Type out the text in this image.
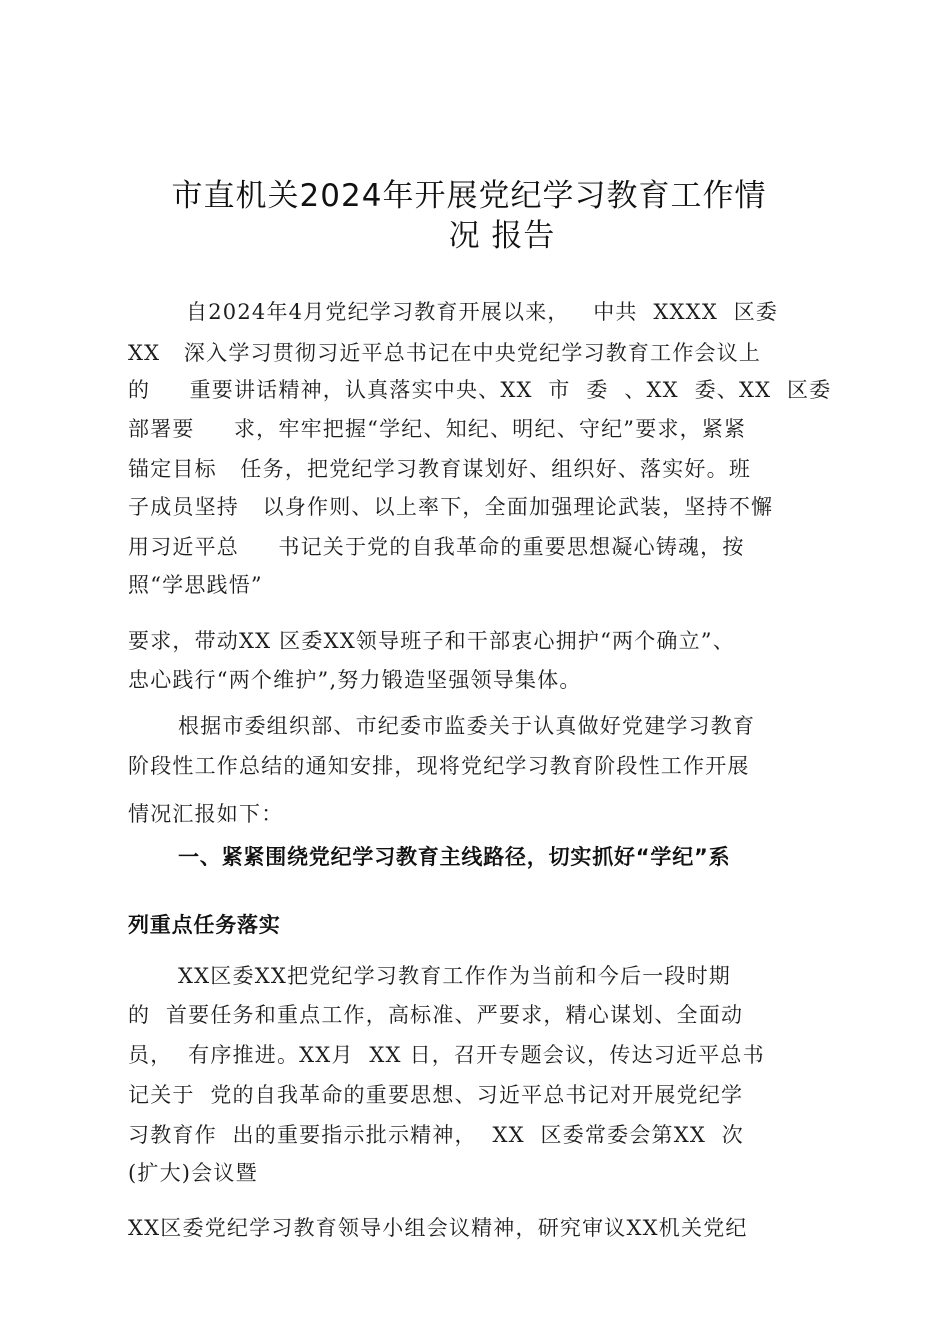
市直机关2024年开展党纪学习教育工作情
况 报告
自2024年4月党纪学习教育开展以来，   中共  XXXX  区委
XX   深入学习贯彻习近平总书记在中央党纪学习教育工作会议上
的     重要讲话精神，认真落实中央、XX  市  委  、XX  委、XX  区委
部署要     求，牢牢把握“学纪、知纪、明纪、守纪”要求，紧紧
锚定目标   任务，把党纪学习教育谋划好、组织好、落实好。班
子成员坚持   以身作则、以上率下，全面加强理论武装，坚持不懈
用习近平总     书记关于党的自我革命的重要思想凝心铸魂，按
照“学思践悟”
要求，带动XX 区委XX领导班子和干部衷心拥护“两个确立”、
忠心践行“两个维护”,努力锻造坚强领导集体。
根据市委组织部、市纪委市监委关于认真做好党建学习教育
阶段性工作总结的通知安排，现将党纪学习教育阶段性工作开展
情况汇报如下：
一、紧紧围绕党纪学习教育主线路径，切实抓好“学纪”系
列重点任务落实
XX区委XX把党纪学习教育工作作为当前和今后一段时期
的  首要任务和重点工作，高标准、严要求，精心谋划、全面动
员，  有序推进。XX月  XX 日，召开专题会议，传达习近平总书
记关于  党的自我革命的重要思想、习近平总书记对开展党纪学
习教育作  出的重要指示批示精神，  XX  区委常委会第XX  次
(扩大)会议暨
XX区委党纪学习教育领导小组会议精神，研究审议XX机关党纪
